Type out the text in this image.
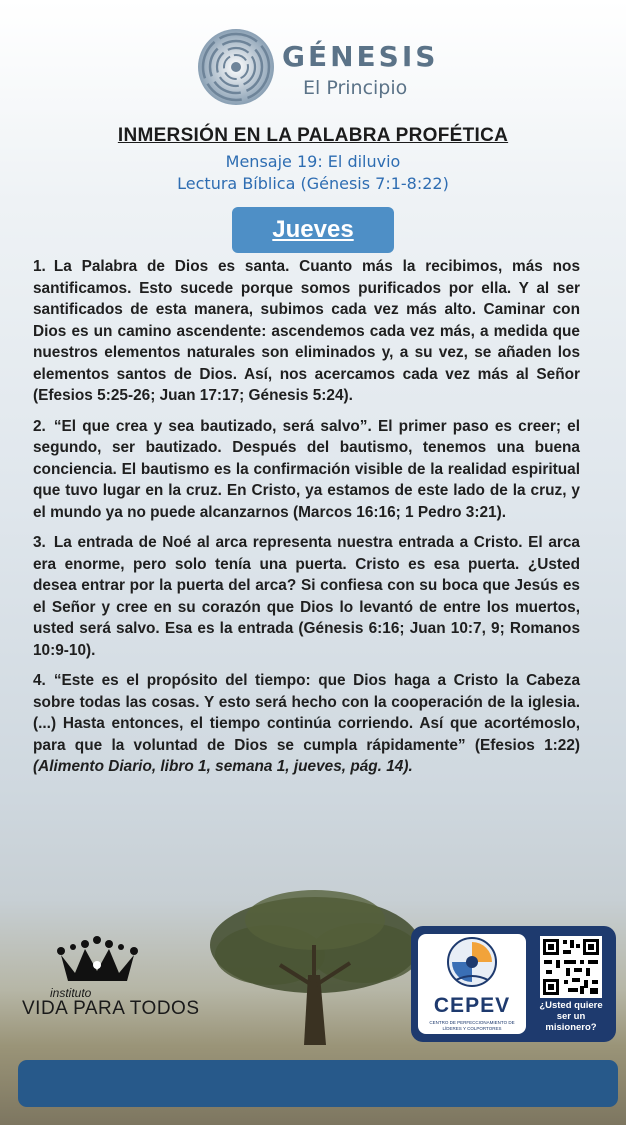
GÉNESIS
El Principio
INMERSIÓN EN LA PALABRA PROFÉTICA
Mensaje 19: El diluvio
Lectura Bíblica (Génesis 7:1-8:22)
Jueves

1. La Palabra de Dios es santa. Cuanto más la recibimos, más nos santificamos. Esto sucede porque somos purificados por ella. Y al ser santificados de esta manera, subimos cada vez más alto. Caminar con Dios es un camino ascendente: ascendemos cada vez más, a medida que nuestros elementos naturales son eliminados y, a su vez, se añaden los elementos santos de Dios. Así, nos acercamos cada vez más al Señor (Efesios 5:25-26; Juan 17:17; Génesis 5:24).

2. “El que crea y sea bautizado, será salvo”. El primer paso es creer; el segundo, ser bautizado. Después del bautismo, tenemos una buena conciencia. El bautismo es la confirmación visible de la realidad espiritual que tuvo lugar en la cruz. En Cristo, ya estamos de este lado de la cruz, y el mundo ya no puede alcanzarnos (Marcos 16:16; 1 Pedro 3:21).

3. La entrada de Noé al arca representa nuestra entrada a Cristo. El arca era enorme, pero solo tenía una puerta. Cristo es esa puerta. ¿Usted desea entrar por la puerta del arca? Si confiesa con su boca que Jesús es el Señor y cree en su corazón que Dios lo levantó de entre los muertos, usted será salvo. Esa es la entrada (Génesis 6:16; Juan 10:7, 9; Romanos 10:9-10).

4. “Este es el propósito del tiempo: que Dios haga a Cristo la Cabeza sobre todas las cosas. Y esto será hecho con la cooperación de la iglesia. (...) Hasta entonces, el tiempo continúa corriendo. Así que acortémoslo, para que la voluntad de Dios se cumpla rápidamente” (Efesios 1:22) (Alimento Diario, libro 1, semana 1, jueves, pág. 14).

instituto
VIDA PARA TODOS	CEPEV
CENTRO DE PERFECCIONAMIENTO DE LÍDERES Y COLPORTORES
¿Usted quiere ser un misionero?
